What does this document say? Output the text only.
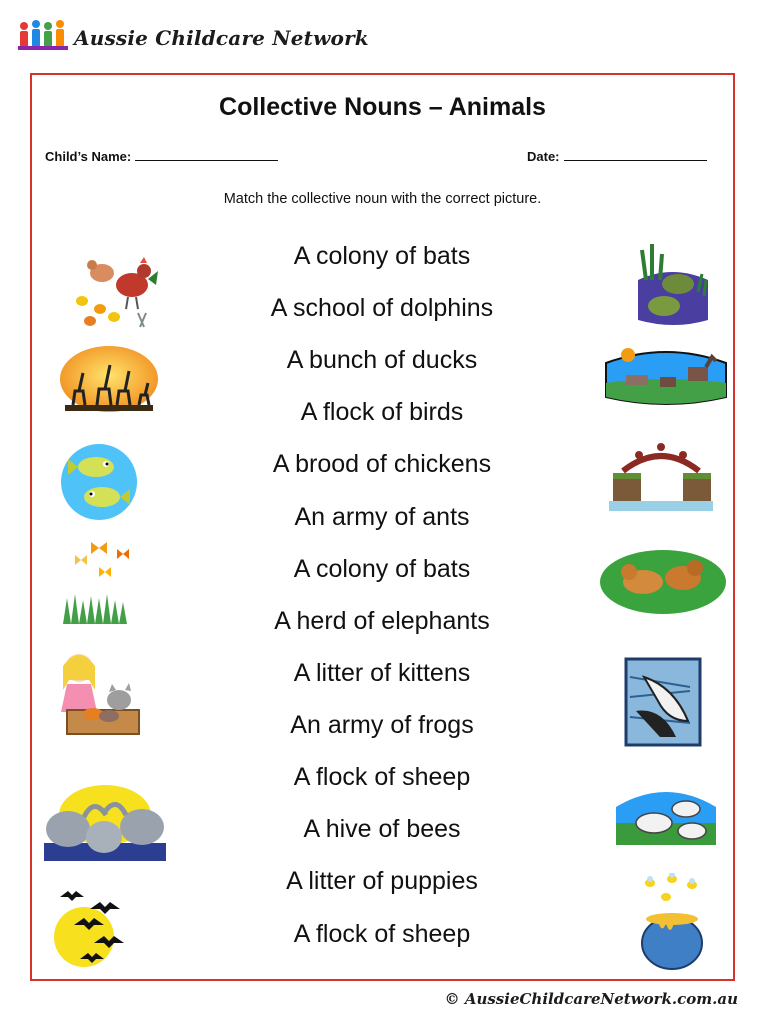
Aussie Childcare Network
Collective Nouns – Animals
Child’s Name:	Date:
Match the collective noun with the correct picture.
A colony of bats
A school of dolphins
A bunch of ducks
A flock of birds
A brood of chickens
An army of ants
A colony of bats
A herd of elephants
A litter of kittens
An army of frogs
A flock of sheep
A hive of bees
A litter of puppies
A flock of sheep
© AussieChildcareNetwork.com.au
